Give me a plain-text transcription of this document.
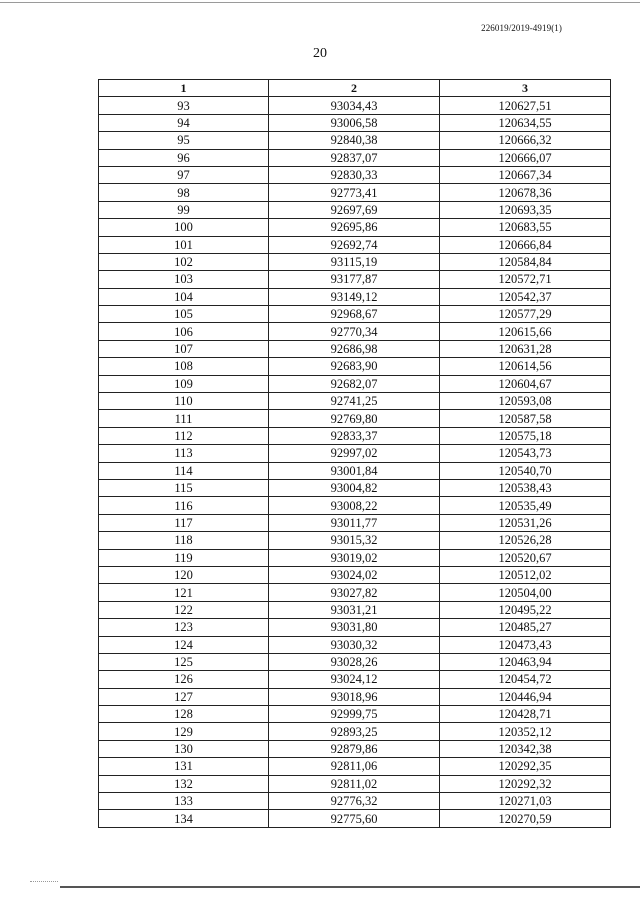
226019/2019-4919(1)
20
1	2	3
93	93034,43	120627,51
94	93006,58	120634,55
95	92840,38	120666,32
96	92837,07	120666,07
97	92830,33	120667,34
98	92773,41	120678,36
99	92697,69	120693,35
100	92695,86	120683,55
101	92692,74	120666,84
102	93115,19	120584,84
103	93177,87	120572,71
104	93149,12	120542,37
105	92968,67	120577,29
106	92770,34	120615,66
107	92686,98	120631,28
108	92683,90	120614,56
109	92682,07	120604,67
110	92741,25	120593,08
111	92769,80	120587,58
112	92833,37	120575,18
113	92997,02	120543,73
114	93001,84	120540,70
115	93004,82	120538,43
116	93008,22	120535,49
117	93011,77	120531,26
118	93015,32	120526,28
119	93019,02	120520,67
120	93024,02	120512,02
121	93027,82	120504,00
122	93031,21	120495,22
123	93031,80	120485,27
124	93030,32	120473,43
125	93028,26	120463,94
126	93024,12	120454,72
127	93018,96	120446,94
128	92999,75	120428,71
129	92893,25	120352,12
130	92879,86	120342,38
131	92811,06	120292,35
132	92811,02	120292,32
133	92776,32	120271,03
134	92775,60	120270,59
